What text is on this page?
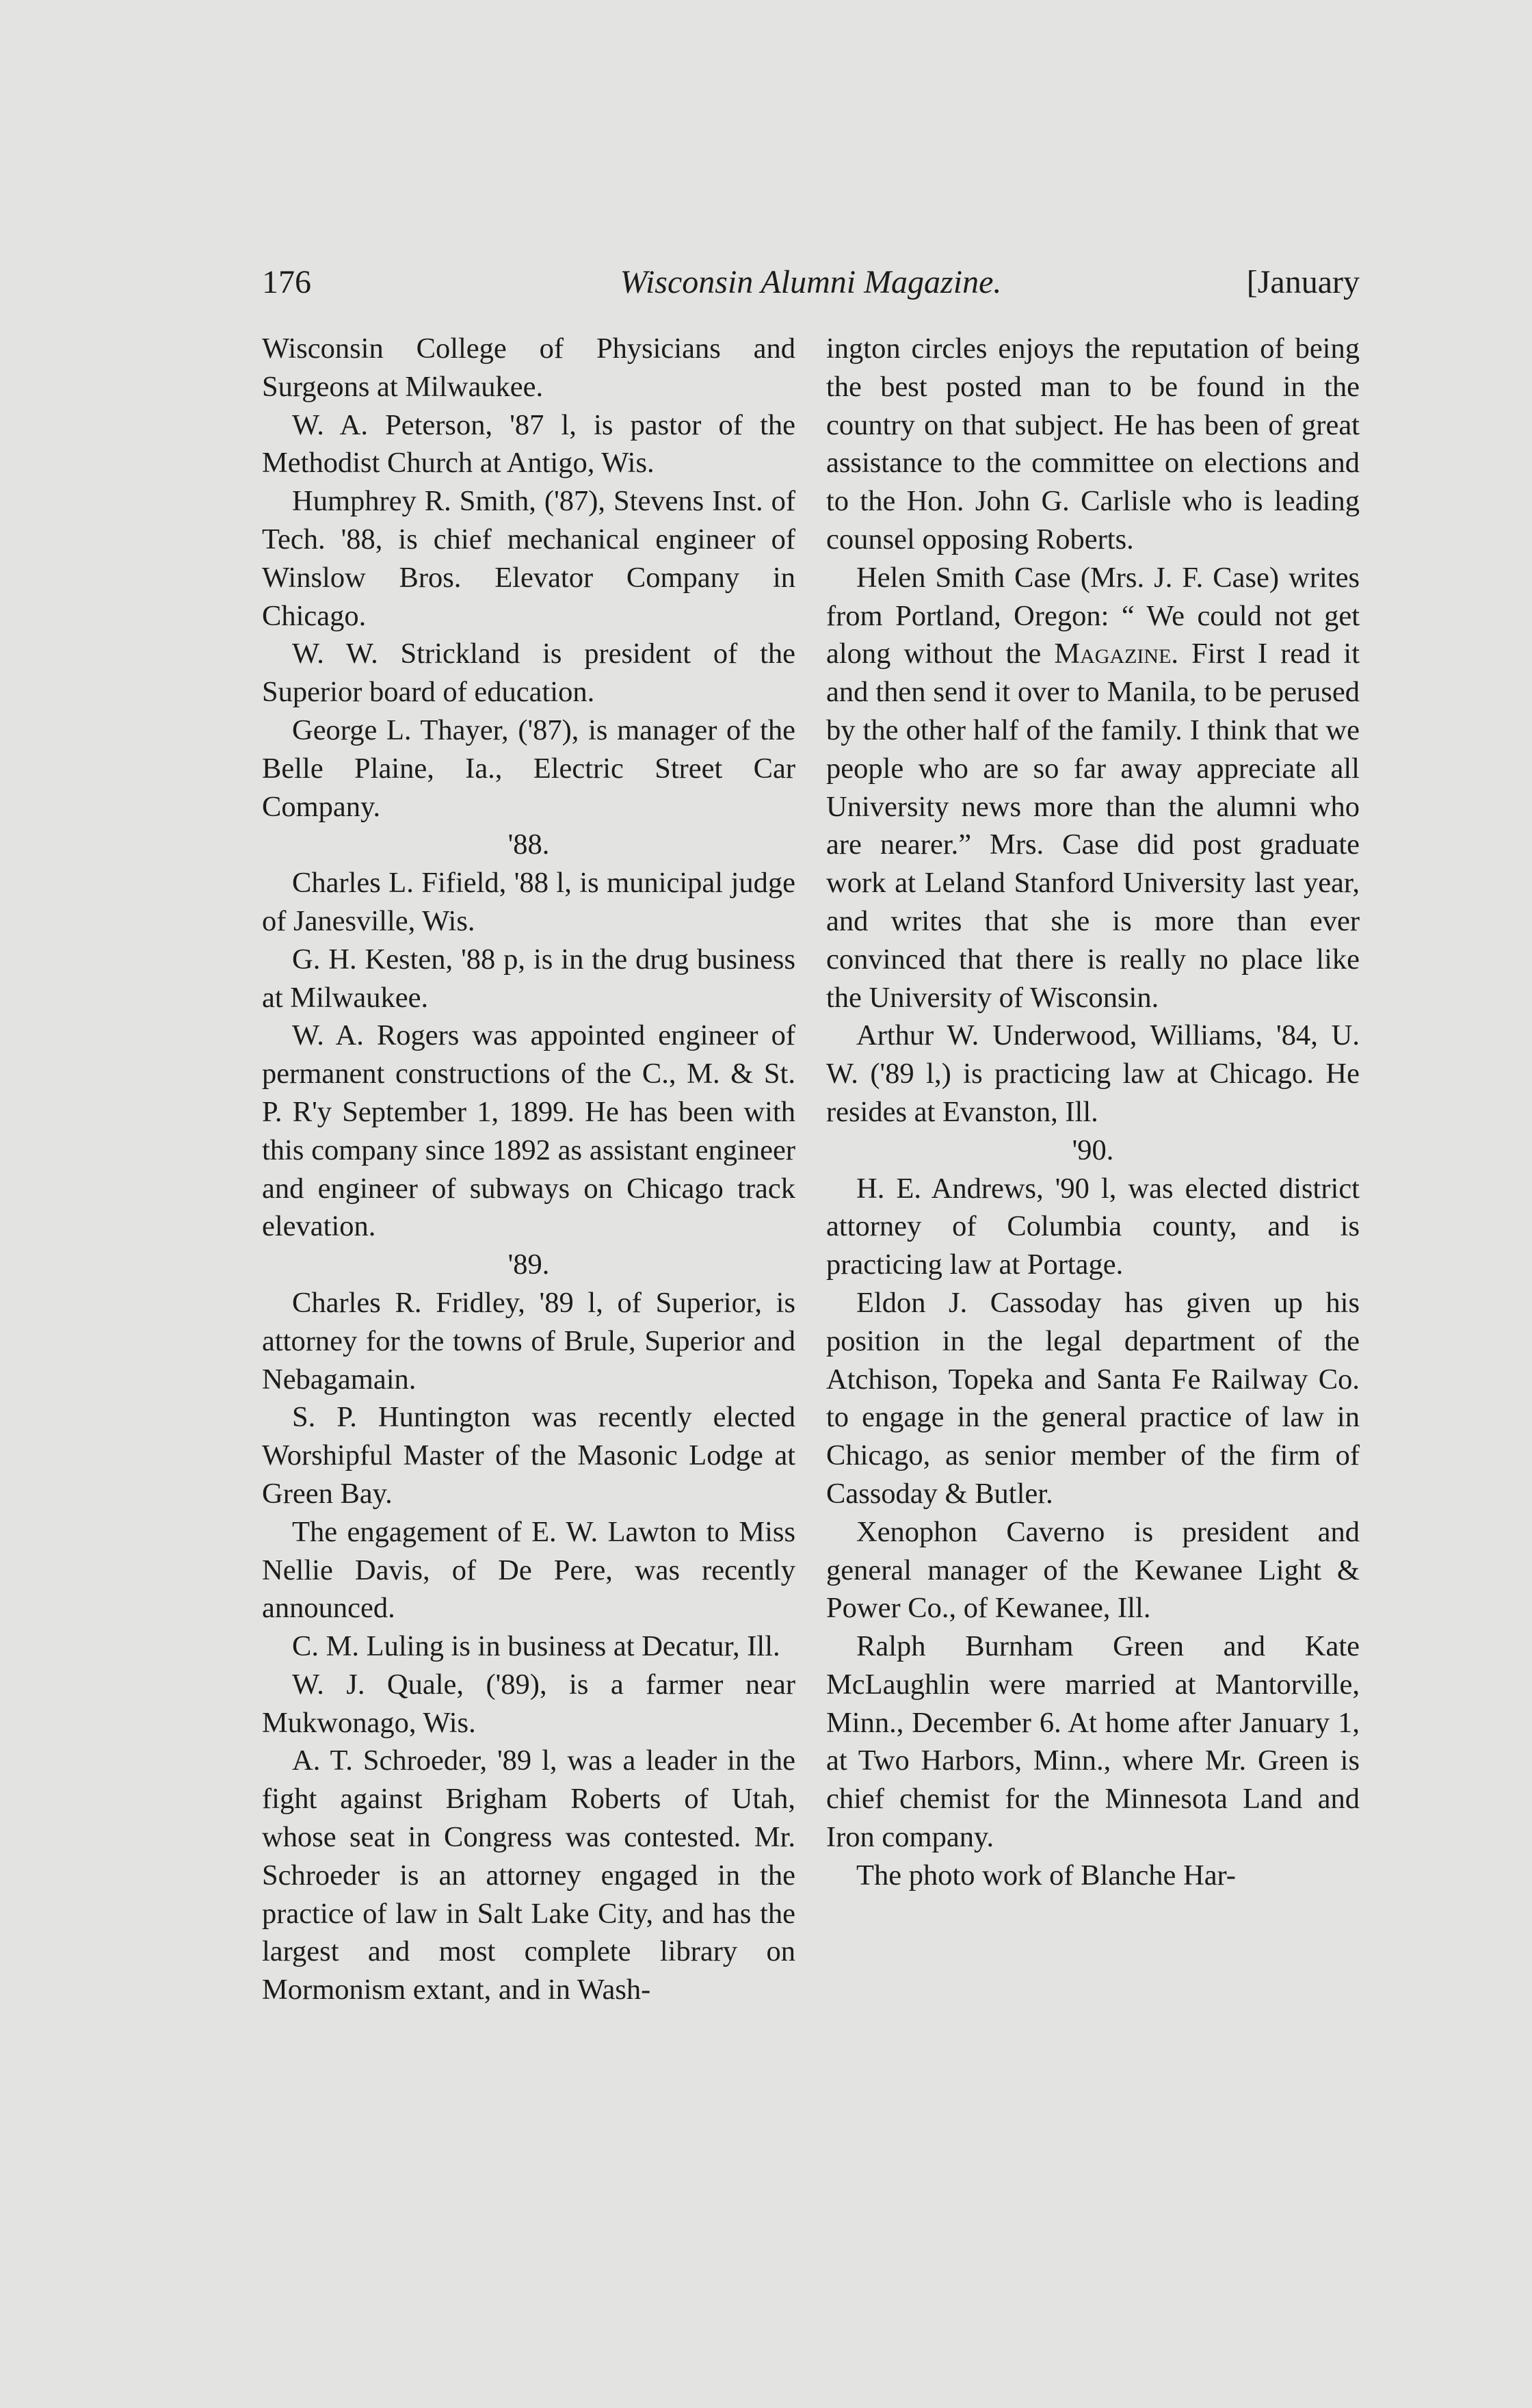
176	Wisconsin Alumni Magazine.	[January

Wisconsin College of Physicians and Surgeons at Milwaukee.

W. A. Peterson, '87 l, is pastor of the Methodist Church at Antigo, Wis.

Humphrey R. Smith, ('87), Stevens Inst. of Tech. '88, is chief mechanical engineer of Winslow Bros. Elevator Company in Chicago.

W. W. Strickland is president of the Superior board of education.

George L. Thayer, ('87), is manager of the Belle Plaine, Ia., Electric Street Car Company.

'88.

Charles L. Fifield, '88 l, is municipal judge of Janesville, Wis.

G. H. Kesten, '88 p, is in the drug business at Milwaukee.

W. A. Rogers was appointed engineer of permanent constructions of the C., M. & St. P. R'y September 1, 1899. He has been with this company since 1892 as assistant engineer and engineer of subways on Chicago track elevation.

'89.

Charles R. Fridley, '89 l, of Superior, is attorney for the towns of Brule, Superior and Nebagamain.

S. P. Huntington was recently elected Worshipful Master of the Masonic Lodge at Green Bay.

The engagement of E. W. Lawton to Miss Nellie Davis, of De Pere, was recently announced.

C. M. Luling is in business at Decatur, Ill.

W. J. Quale, ('89), is a farmer near Mukwonago, Wis.

A. T. Schroeder, '89 l, was a leader in the fight against Brigham Roberts of Utah, whose seat in Congress was contested. Mr. Schroeder is an attorney engaged in the practice of law in Salt Lake City, and has the largest and most complete library on Mormonism extant, and in Wash-

ington circles enjoys the reputation of being the best posted man to be found in the country on that subject. He has been of great assistance to the committee on elections and to the Hon. John G. Carlisle who is leading counsel opposing Roberts.

Helen Smith Case (Mrs. J. F. Case) writes from Portland, Oregon: “ We could not get along without the Magazine. First I read it and then send it over to Manila, to be perused by the other half of the family. I think that we people who are so far away appreciate all University news more than the alumni who are nearer.” Mrs. Case did post graduate work at Leland Stanford University last year, and writes that she is more than ever convinced that there is really no place like the University of Wisconsin.

Arthur W. Underwood, Williams, '84, U. W. ('89 l,) is practicing law at Chicago. He resides at Evanston, Ill.

'90.

H. E. Andrews, '90 l, was elected district attorney of Columbia county, and is practicing law at Portage.

Eldon J. Cassoday has given up his position in the legal department of the Atchison, Topeka and Santa Fe Railway Co. to engage in the general practice of law in Chicago, as senior member of the firm of Cassoday & Butler.

Xenophon Caverno is president and general manager of the Kewanee Light & Power Co., of Kewanee, Ill.

Ralph Burnham Green and Kate McLaughlin were married at Mantorville, Minn., December 6. At home after January 1, at Two Harbors, Minn., where Mr. Green is chief chemist for the Minnesota Land and Iron company.

The photo work of Blanche Har-
